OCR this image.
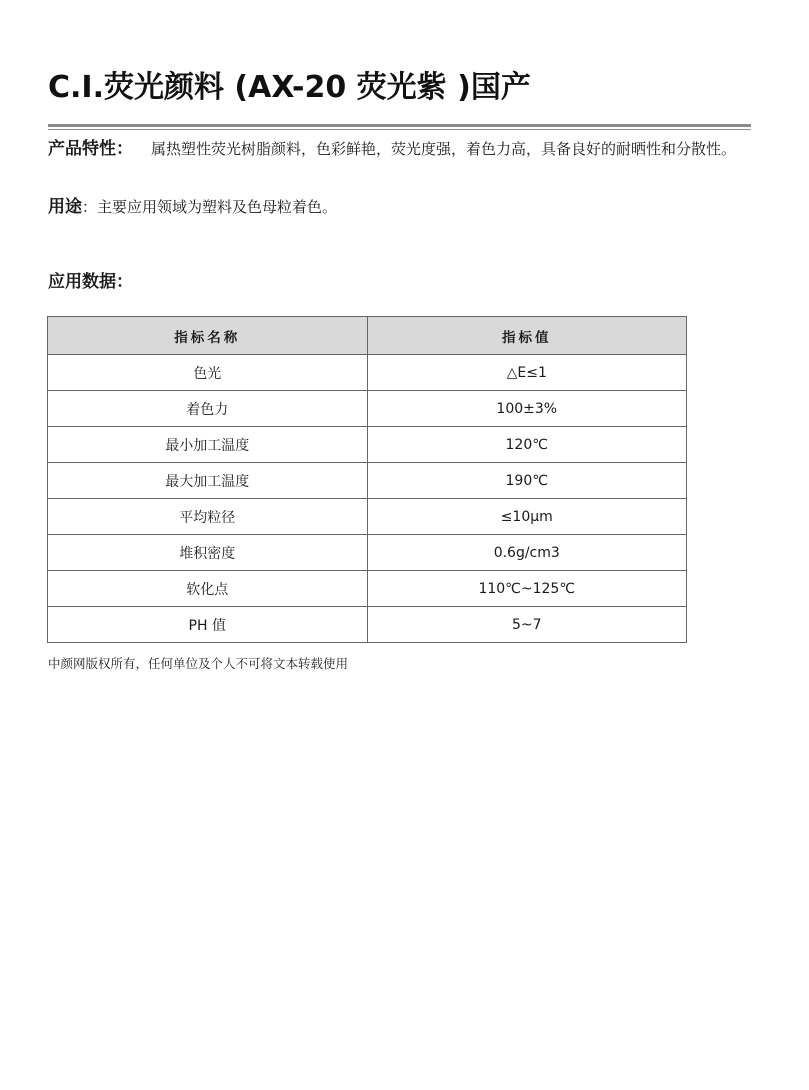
C.I.荧光颜料 (AX-20 荧光紫 )国产
产品特性： 属热塑性荧光树脂颜料，色彩鲜艳，荧光度强，着色力高，具备良好的耐晒性和分散性。
用途：主要应用领域为塑料及色母粒着色。
应用数据：
指标名称	指标值
色光	△E≤1
着色力	100±3%
最小加工温度	120℃
最大加工温度	190℃
平均粒径	≤10μm
堆积密度	0.6g/cm3
软化点	110℃~125℃
PH 值	5~7
中颜网版权所有，任何单位及个人不可将文本转载使用
